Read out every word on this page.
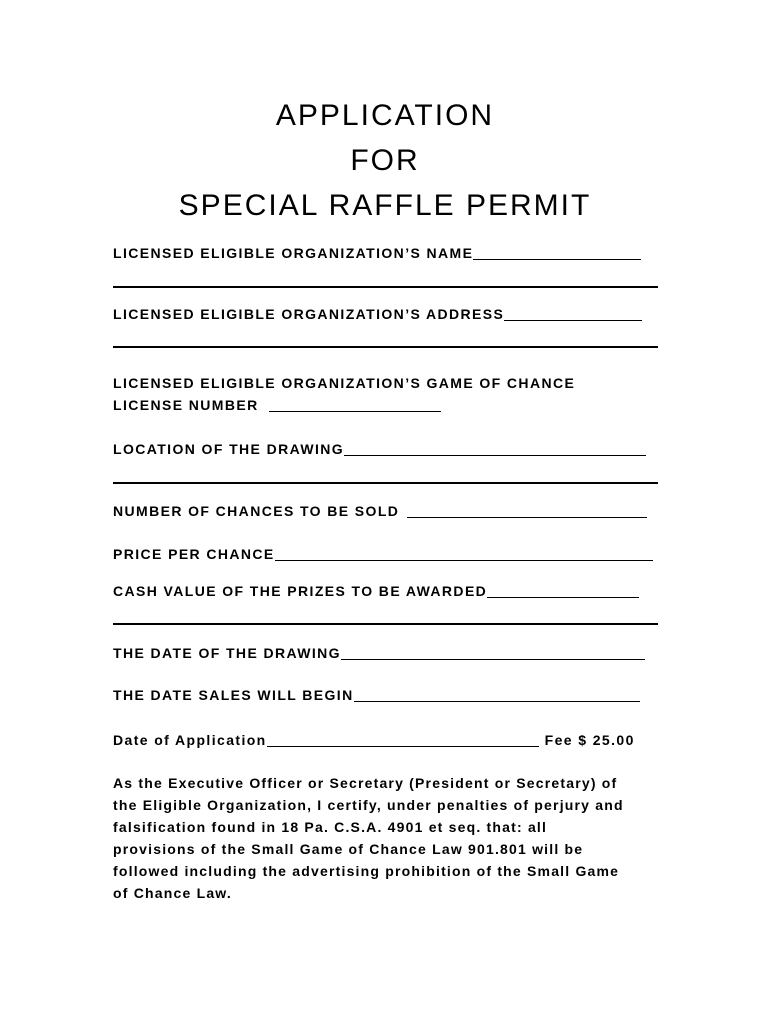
APPLICATION
FOR
SPECIAL RAFFLE PERMIT
LICENSED ELIGIBLE ORGANIZATION’S NAME
LICENSED ELIGIBLE ORGANIZATION’S ADDRESS
LICENSED ELIGIBLE ORGANIZATION’S GAME OF CHANCE
LICENSE NUMBER
LOCATION OF THE DRAWING
NUMBER OF CHANCES TO BE SOLD
PRICE PER CHANCE
CASH VALUE OF THE PRIZES TO BE AWARDED
THE DATE OF THE DRAWING
THE DATE SALES WILL BEGIN
Date of Application	Fee $ 25.00
As the Executive Officer or Secretary (President or Secretary) of
the Eligible Organization, I certify, under penalties of perjury and
falsification found in 18 Pa. C.S.A. 4901 et seq. that: all
provisions of the Small Game of Chance Law 901.801 will be
followed including the advertising prohibition of the Small Game
of Chance Law.
